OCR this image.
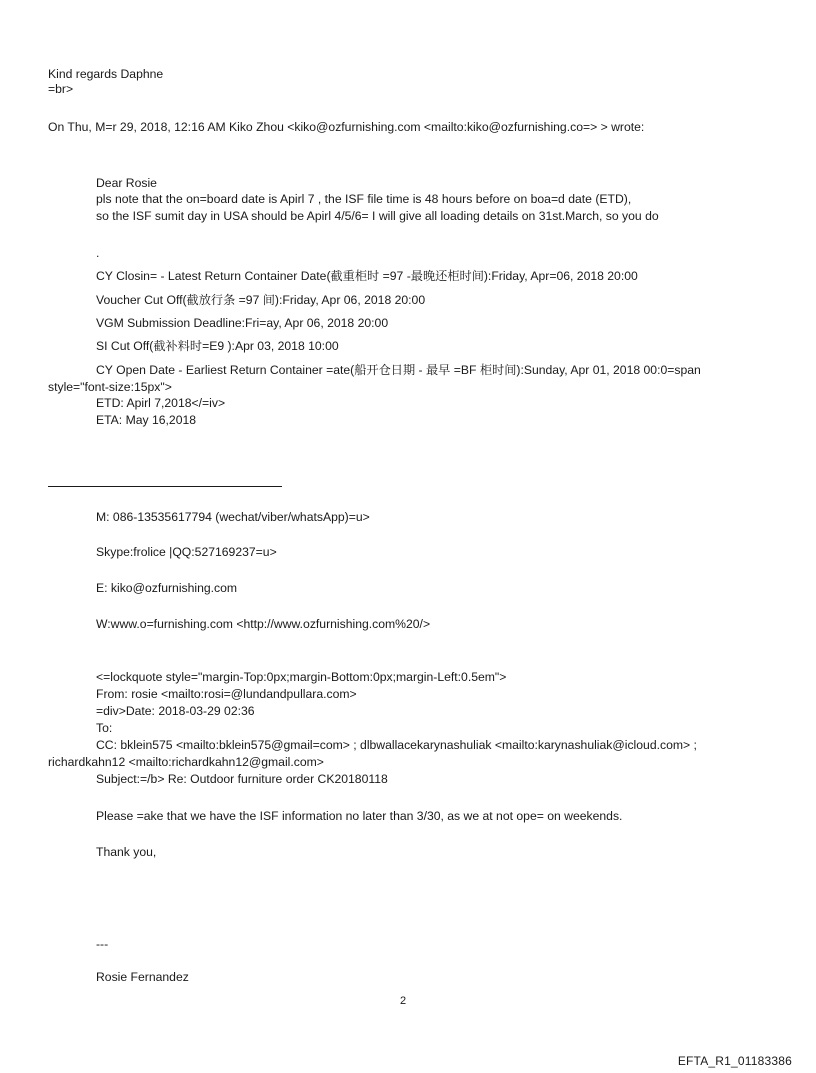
Kind regards Daphne
=br>
On Thu, M=r 29, 2018, 12:16 AM Kiko Zhou <kiko@ozfurnishing.com <mailto:kiko@ozfurnishing.co=> > wrote:
Dear Rosie
pls note that the on=board date is Apirl 7 , the ISF file time is 48 hours before on boa=d date (ETD),
so the ISF sumit day in USA should be Apirl 4/5/6= I will give all loading details on 31st.March, so you do
.
CY Closin= - Latest Return Container Date(截重柜时 =97 -最晚还柜时间):Friday, Apr=06, 2018 20:00
Voucher Cut Off(截放行条 =97 间):Friday, Apr 06, 2018 20:00
VGM Submission Deadline:Fri=ay, Apr 06, 2018 20:00
SI Cut Off(截补料时=E9 ):Apr 03, 2018 10:00
CY Open Date - Earliest Return Container =ate(船开仓日期 - 最早 =BF 柜时间):Sunday, Apr 01, 2018 00:0=span
style="font-size:15px">
ETD: Apirl 7,2018</=iv>
ETA: May 16,2018
M: 086-13535617794 (wechat/viber/whatsApp)=u>
Skype:frolice |QQ:527169237=u>
E: kiko@ozfurnishing.com
W:www.o=furnishing.com <http://www.ozfurnishing.com%20/>
<=lockquote style="margin-Top:0px;margin-Bottom:0px;margin-Left:0.5em">
From: rosie <mailto:rosi=@lundandpullara.com>
=div>Date: 2018-03-29 02:36
To:
CC: bklein575 <mailto:bklein575@gmail=com> ; dlbwallacekarynashuliak <mailto:karynashuliak@icloud.com> ;
richardkahn12 <mailto:richardkahn12@gmail.com>
Subject:=/b> Re: Outdoor furniture order CK20180118
Please =ake that we have the ISF information no later than 3/30, as we at not ope= on weekends.
Thank you,
---
Rosie Fernandez
2
EFTA_R1_01183386
